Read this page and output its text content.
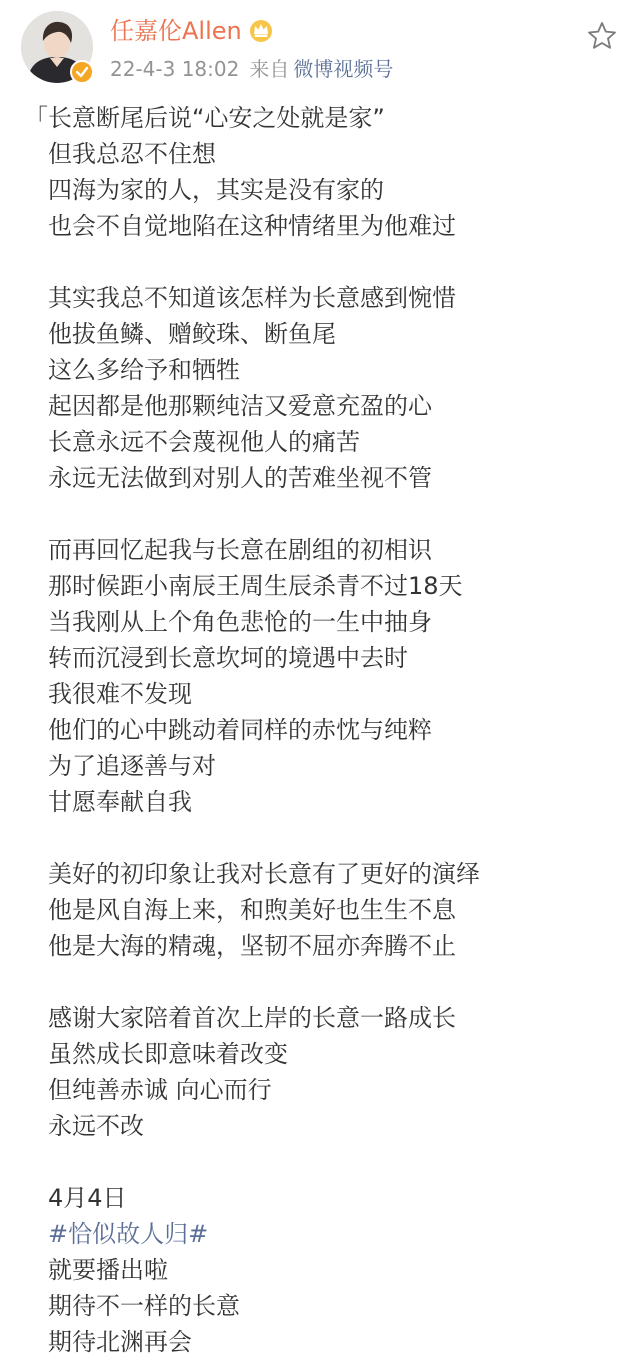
任嘉伦Allen
22-4-3 18:02 来自 微博视频号
「长意断尾后说“心安之处就是家”
但我总忍不住想
四海为家的人，其实是没有家的
也会不自觉地陷在这种情绪里为他难过
其实我总不知道该怎样为长意感到惋惜
他拔鱼鳞、赠鲛珠、断鱼尾
这么多给予和牺牲
起因都是他那颗纯洁又爱意充盈的心
长意永远不会蔑视他人的痛苦
永远无法做到对别人的苦难坐视不管
而再回忆起我与长意在剧组的初相识
那时候距小南辰王周生辰杀青不过18天
当我刚从上个角色悲怆的一生中抽身
转而沉浸到长意坎坷的境遇中去时
我很难不发现
他们的心中跳动着同样的赤忱与纯粹
为了追逐善与对
甘愿奉献自我
美好的初印象让我对长意有了更好的演绎
他是风自海上来，和煦美好也生生不息
他是大海的精魂，坚韧不屈亦奔腾不止
感谢大家陪着首次上岸的长意一路成长
虽然成长即意味着改变
但纯善赤诚 向心而行
永远不改
4月4日
#恰似故人归#
就要播出啦
期待不一样的长意
期待北渊再会
